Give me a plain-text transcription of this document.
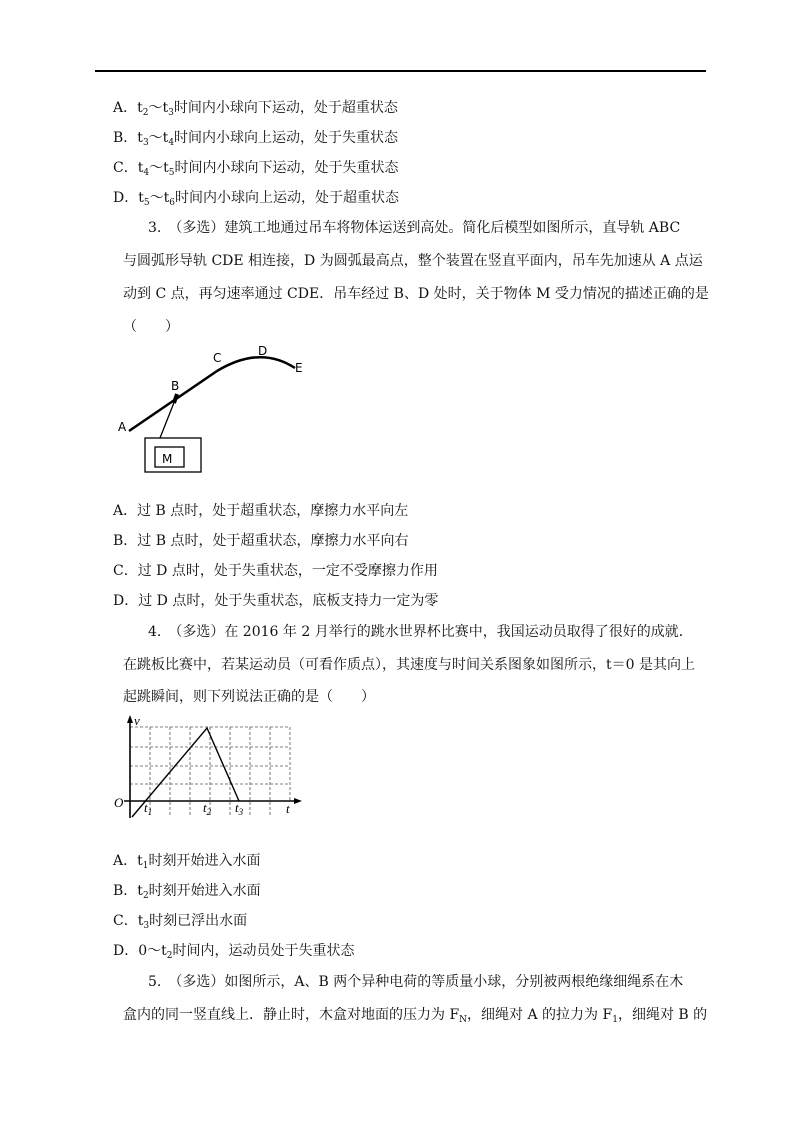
A．$t_2\sim t_3$时间内小球向下运动，处于超重状态
B．$t_3\sim t_4$时间内小球向上运动，处于失重状态
C．$t_4\sim t_5$时间内小球向下运动，处于失重状态
D．$t_5\sim t_6$时间内小球向上运动，处于超重状态
3.　（多选）建筑工地通过吊车将物体运送到高处。简化后模型如图所示，直导轨 ABC
与圆弧形导轨 CDE 相连接，D 为圆弧最高点，整个装置在竖直平面内，吊车先加速从 A 点运
动到 C 点，再匀速率通过 CDE．吊车经过 B、D 处时，关于物体 M 受力情况的描述正确的是
（　　）
A
B
C	D
E
M
A．过 B 点时，处于超重状态，摩擦力水平向左
B．过 B 点时，处于超重状态，摩擦力水平向右
C．过 D 点时，处于失重状态，一定不受摩擦力作用
D．过 D 点时，处于失重状态，底板支持力一定为零
4.　（多选）在 2016 年 2 月举行的跳水世界杯比赛中，我国运动员取得了很好的成就．
在跳板比赛中，若某运动员（可看作质点），其速度与时间关系图象如图所示，t＝0 是其向上
起跳瞬间，则下列说法正确的是（　　）
v
t
O $t_1$	$t_2$ $t_3$
A．$t_1$时刻开始进入水面
B．$t_2$时刻开始进入水面
C．$t_3$时刻已浮出水面
D．$0\sim t_2$时间内，运动员处于失重状态
5.　（多选）如图所示，A、B 两个异种电荷的等质量小球，分别被两根绝缘细绳系在木
盒内的同一竖直线上．静止时，木盒对地面的压力为 $F_N$，细绳对 A 的拉力为 $F_1$，细绳对 B 的
